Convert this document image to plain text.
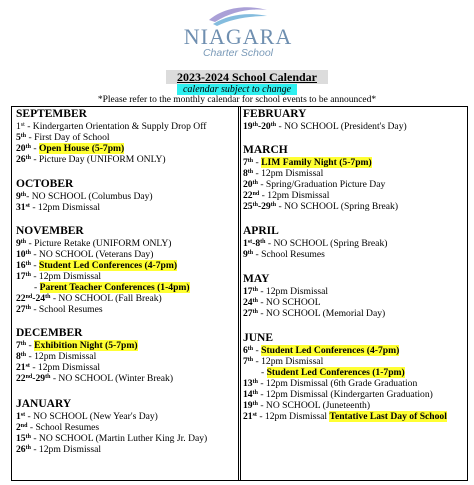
NIAGARA
Charter School
2023-2024 School Calendar
calendar subject to change
*Please refer to the monthly calendar for school events to be announced*
SEPTEMBER
1st - Kindergarten Orientation & Supply Drop Off
5th - First Day of School
20th - Open House (5-7pm)
26th - Picture Day (UNIFORM ONLY)
OCTOBER
9th- NO SCHOOL (Columbus Day)
31st - 12pm Dismissal
NOVEMBER
9th - Picture Retake (UNIFORM ONLY)
10th - NO SCHOOL (Veterans Day)
16th - Student Led Conferences (4-7pm)
17th - 12pm Dismissal
- Parent Teacher Conferences (1-4pm)
22nd-24th - NO SCHOOL (Fall Break)
27th - School Resumes
DECEMBER
7th - Exhibition Night (5-7pm)
8th - 12pm Dismissal
21st - 12pm Dismissal
22nd-29th - NO SCHOOL (Winter Break)
JANUARY
1st - NO SCHOOL (New Year's Day)
2nd - School Resumes
15th - NO SCHOOL (Martin Luther King Jr. Day)
26th - 12pm Dismissal
FEBRUARY
19th-20th - NO SCHOOL (President's Day)
MARCH
7th - LIM Family Night (5-7pm)
8th - 12pm Dismissal
20th - Spring/Graduation Picture Day
22nd - 12pm Dismissal
25th-29th - NO SCHOOL (Spring Break)
APRIL
1st-8th - NO SCHOOL (Spring Break)
9th - School Resumes
MAY
17th - 12pm Dismissal
24th - NO SCHOOL
27th - NO SCHOOL (Memorial Day)
JUNE
6th - Student Led Conferences (4-7pm)
7th - 12pm Dismissal
- Student Led Conferences (1-7pm)
13th - 12pm Dismissal (6th Grade Graduation
14th - 12pm Dismissal (Kindergarten Graduation)
19th - NO SCHOOL (Juneteenth)
21st - 12pm Dismissal Tentative Last Day of School
